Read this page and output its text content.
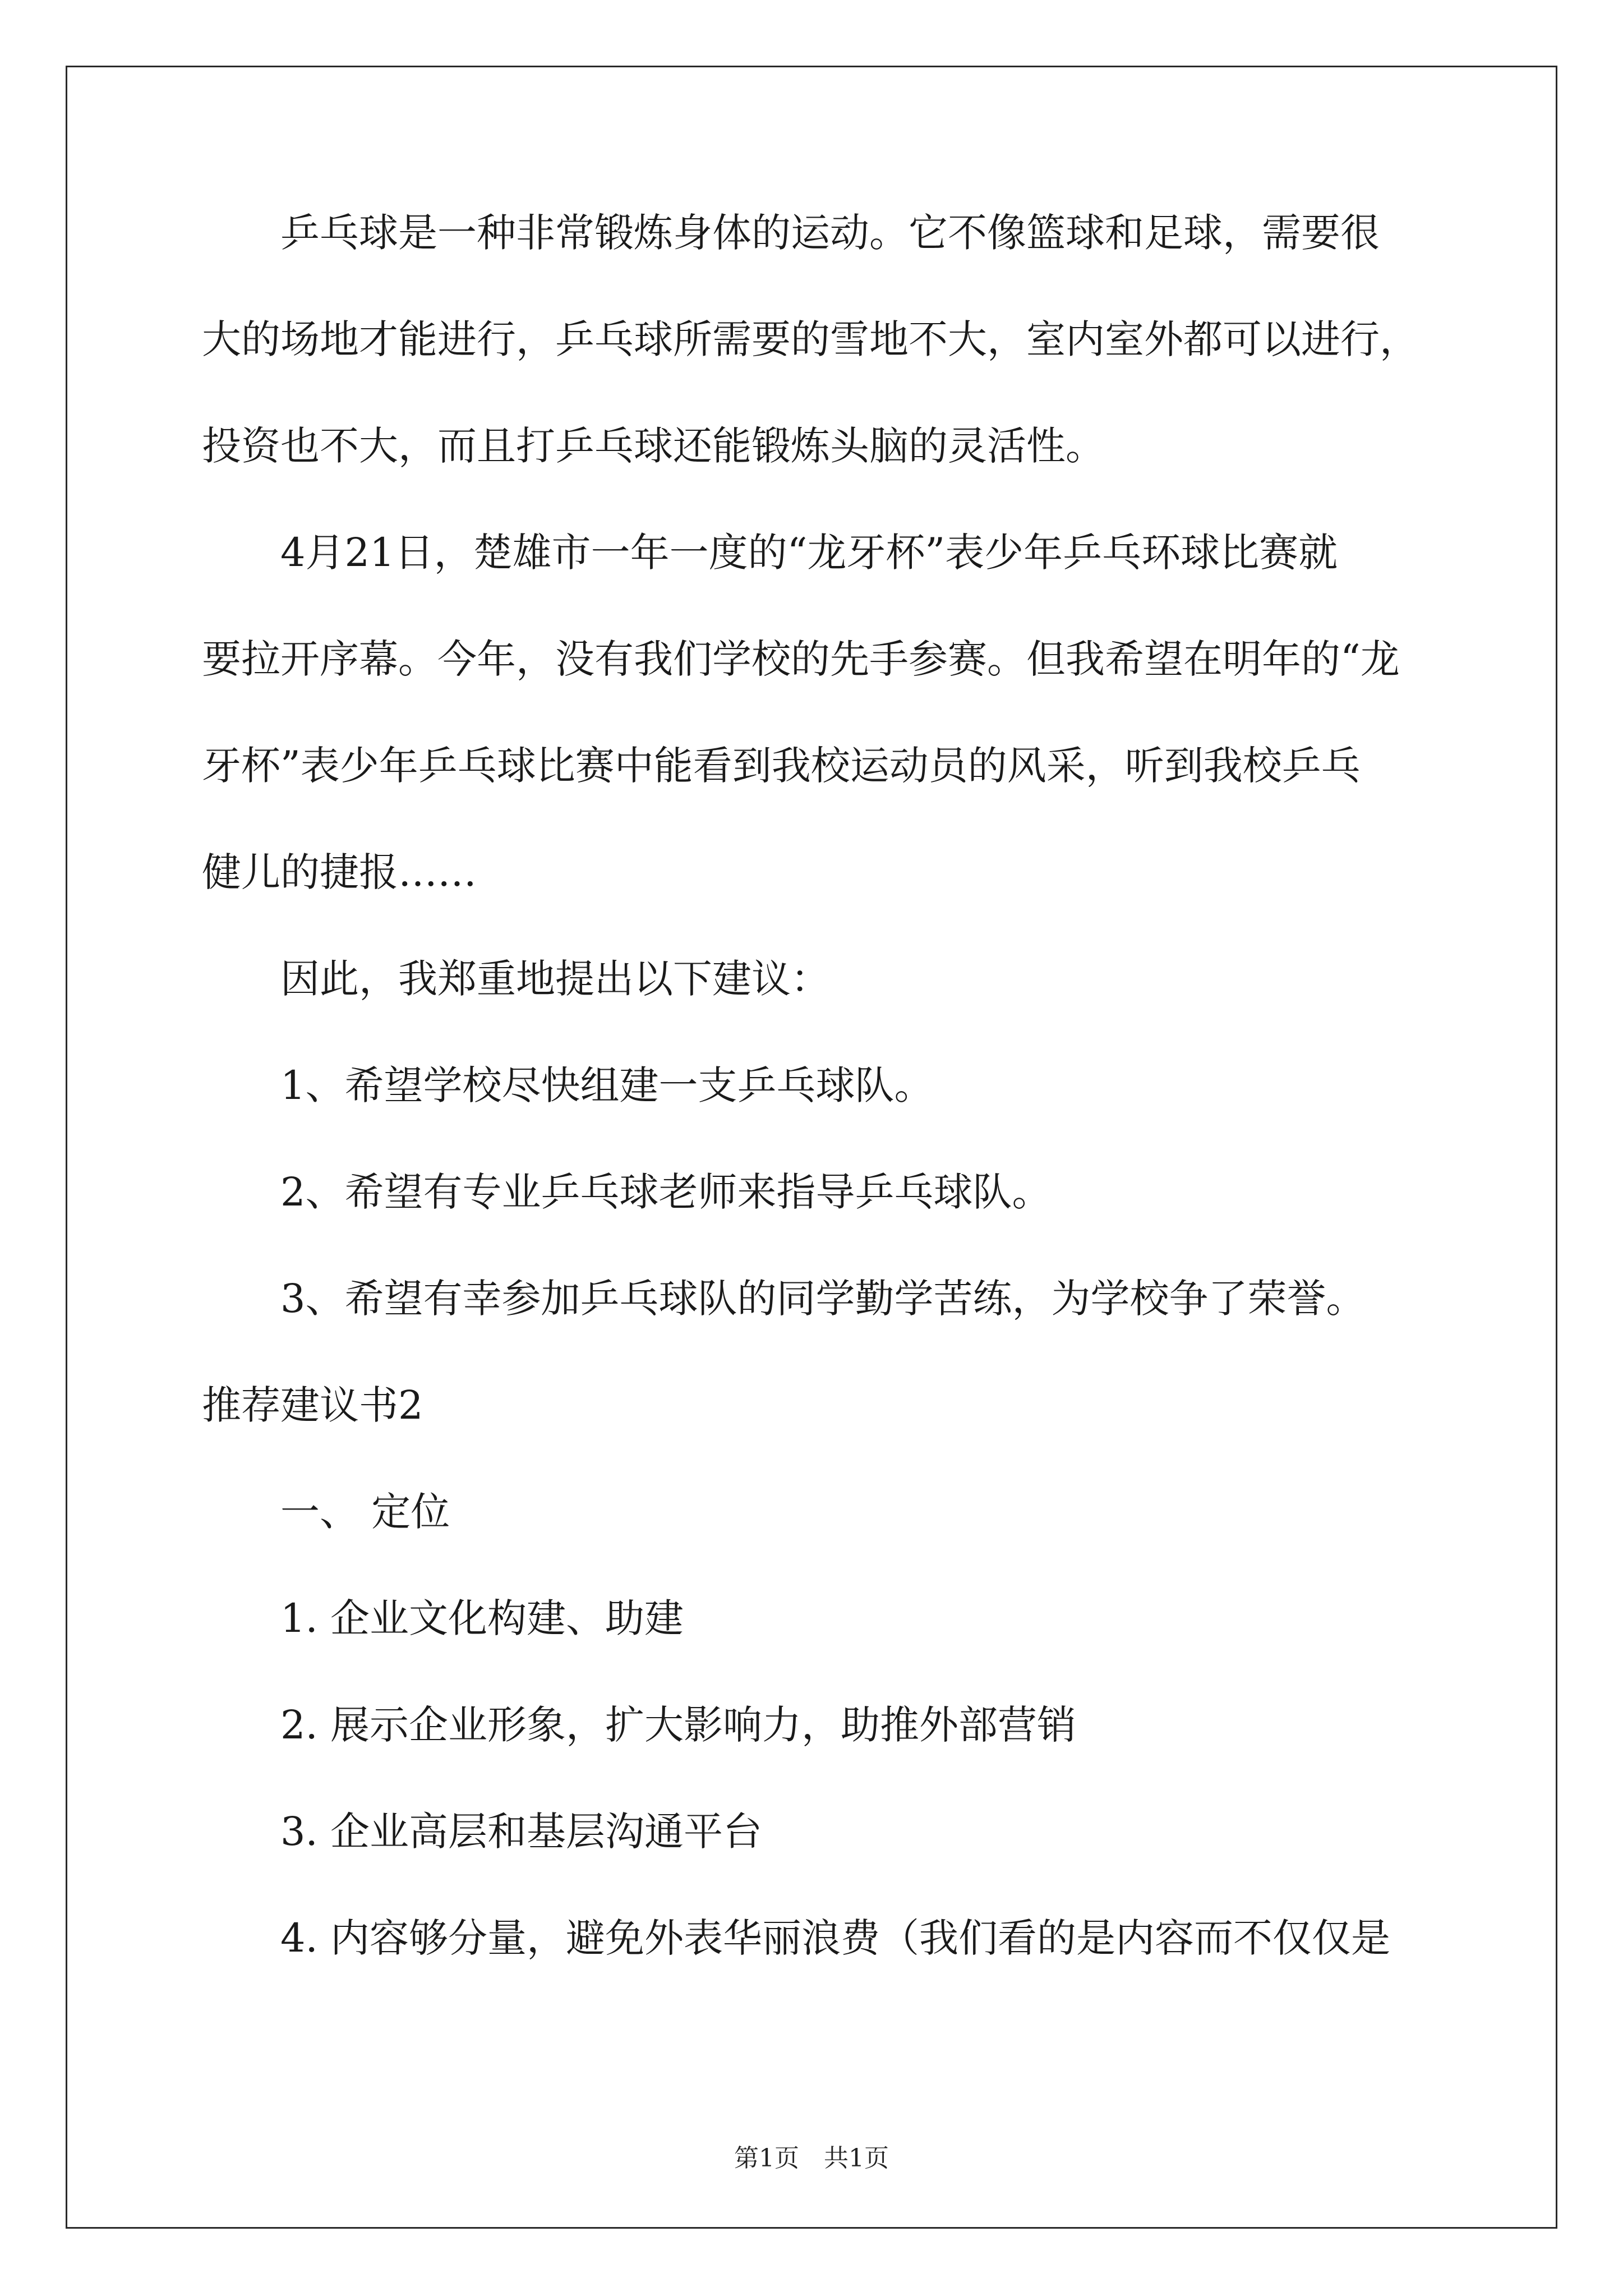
乒乓球是一种非常锻炼身体的运动。它不像篮球和足球，需要很

大的场地才能进行，乒乓球所需要的雪地不大，室内室外都可以进行，

投资也不大，而且打乒乓球还能锻炼头脑的灵活性。

4月21日，楚雄市一年一度的“龙牙杯”表少年乒乓环球比赛就

要拉开序幕。今年，没有我们学校的先手参赛。但我希望在明年的“龙

牙杯”表少年乒乓球比赛中能看到我校运动员的风采，听到我校乒乓

健儿的捷报……

因此，我郑重地提出以下建议：

1、希望学校尽快组建一支乒乓球队。

2、希望有专业乒乓球老师来指导乒乓球队。

3、希望有幸参加乒乓球队的同学勤学苦练，为学校争了荣誉。

推荐建议书2

一、 定位

1. 企业文化构建、助建

2. 展示企业形象，扩大影响力，助推外部营销

3. 企业高层和基层沟通平台

4. 内容够分量，避免外表华丽浪费（我们看的是内容而不仅仅是

第1页 共1页
